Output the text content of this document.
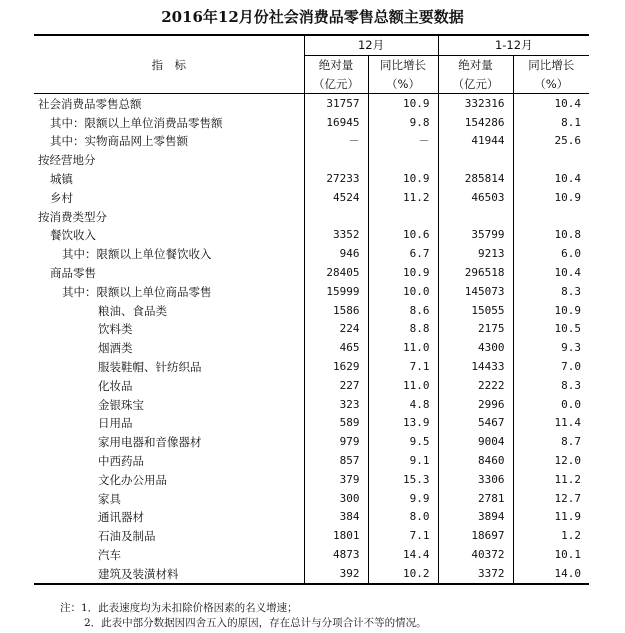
2016年12月份社会消费品零售总额主要数据
指　标	12月		1-12月	
	绝对量	同比增长	绝对量	同比增长
	（亿元）	（%）	（亿元）	（%）
社会消费品零售总额	31757	10.9	332316	10.4
其中：限额以上单位消费品零售额	16945	9.8	154286	8.1
其中：实物商品网上零售额	－	－	41944	25.6
按经营地分				
城镇	27233	10.9	285814	10.4
乡村	4524	11.2	46503	10.9
按消费类型分				
餐饮收入	3352	10.6	35799	10.8
其中：限额以上单位餐饮收入	946	6.7	9213	6.0
商品零售	28405	10.9	296518	10.4
其中：限额以上单位商品零售	15999	10.0	145073	8.3
粮油、食品类	1586	8.6	15055	10.9
饮料类	224	8.8	2175	10.5
烟酒类	465	11.0	4300	9.3
服装鞋帽、针纺织品	1629	7.1	14433	7.0
化妆品	227	11.0	2222	8.3
金银珠宝	323	4.8	2996	0.0
日用品	589	13.9	5467	11.4
家用电器和音像器材	979	9.5	9004	8.7
中西药品	857	9.1	8460	12.0
文化办公用品	379	15.3	3306	11.2
家具	300	9.9	2781	12.7
通讯器材	384	8.0	3894	11.9
石油及制品	1801	7.1	18697	1.2
汽车	4873	14.4	40372	10.1
建筑及装潢材料	392	10.2	3372	14.0
注：1．此表速度均为未扣除价格因素的名义增速；
2．此表中部分数据因四舍五入的原因，存在总计与分项合计不等的情况。
